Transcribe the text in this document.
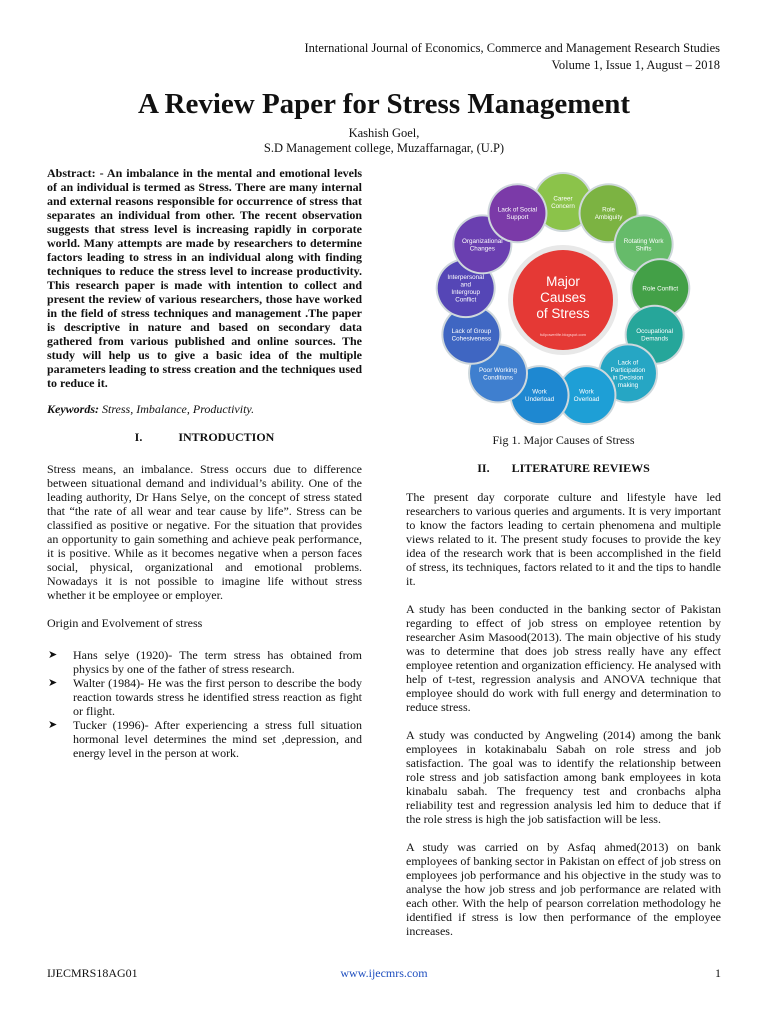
International Journal of Economics, Commerce and Management Research Studies
Volume 1, Issue 1, August – 2018
A Review Paper for Stress Management
Kashish Goel,
S.D Management college, Muzaffarnagar, (U.P)

Abstract: - An imbalance in the mental and emotional levels of an individual is termed as Stress. There are many internal and external reasons responsible for occurrence of stress that separates an individual from other. The recent observation suggests that stress level is increasing rapidly in corporate world. Many attempts are made by researchers to determine factors leading to stress in an individual along with finding techniques to reduce the stress level to increase productivity. This research paper is made with intention to collect and present the review of various researchers, those have worked in the field of stress techniques and management .The paper is descriptive in nature and based on secondary data gathered from various published and online sources. The study will help us to give a basic idea of the multiple parameters leading to stress creation and the techniques used to reduce it.

Keywords: Stress, Imbalance, Productivity.

I.	INTRODUCTION

Stress means, an imbalance. Stress occurs due to difference between situational demand and individual’s ability. One of the leading authority, Dr Hans Selye, on the concept of stress stated that “the rate of all wear and tear cause by life”. Stress can be classified as positive or negative. For the situation that provides an opportunity to gain something and achieve peak performance, it is positive. While as it becomes negative when a person faces social, physical, organizational and emotional problems. Nowadays it is not possible to imagine life without stress whether it be employee or employer.

Origin and Evolvement of stress

➤ Hans selye (1920)- The term stress has obtained from physics by one of the father of stress research.
➤ Walter (1984)- He was the first person to describe the body reaction towards stress he identified stress reaction as fight or flight.
➤ Tucker (1996)- After experiencing a stress full situation hormonal level determines the mind set ,depression, and energy level in the person at work.
Career
Concern
Role
Ambiguity
Rotating Work
Shifts
Role Conflict
Occupational
Demands
Lack of
Participation
in Decision
making
Work
Overload
Work
Underload
Poor Working
Conditions
Lack of Group
Cohesiveness
Interpersonal
and
Intergroup
Conflict
Organizational
Changes
Lack of Social
Support
Major
Causes
of Stress
fullpowerlife.blogspot.com
Fig 1. Major Causes of Stress
II. LITERATURE REVIEWS

The present day corporate culture and lifestyle have led researchers to various queries and arguments. It is very important to know the factors leading to certain phenomena and multiple views related to it. The present study focuses to provide the key idea of the research work that is been accomplished in the field of stress, its techniques, factors related to it and the tips to handle it.

A study has been conducted in the banking sector of Pakistan regarding to effect of job stress on employee retention by researcher Asim Masood(2013). The main objective of his study was to determine that does job stress really have any effect employee retention and organization efficiency. He analysed with help of t-test, regression analysis and ANOVA technique that employee should do work with full energy and determination to reduce stress.

A study was conducted by Angweling (2014) among the bank employees in kotakinabalu Sabah on role stress and job satisfaction. The goal was to identify the relationship between role stress and job satisfaction among bank employees in kota kinabalu sabah. The frequency test and cronbachs alpha reliability test and regression analysis led him to deduce that if the role stress is high the job satisfaction will be less.

A study was carried on by Asfaq ahmed(2013) on bank employees of banking sector in Pakistan on effect of job stress on employees job performance and his objective in the study was to analyse the how job stress and job performance are related with each other. With the help of pearson correlation methodology he identified if stress is low then performance of the employee increases.

IJECMRS18AG01	www.ijecmrs.com	1
